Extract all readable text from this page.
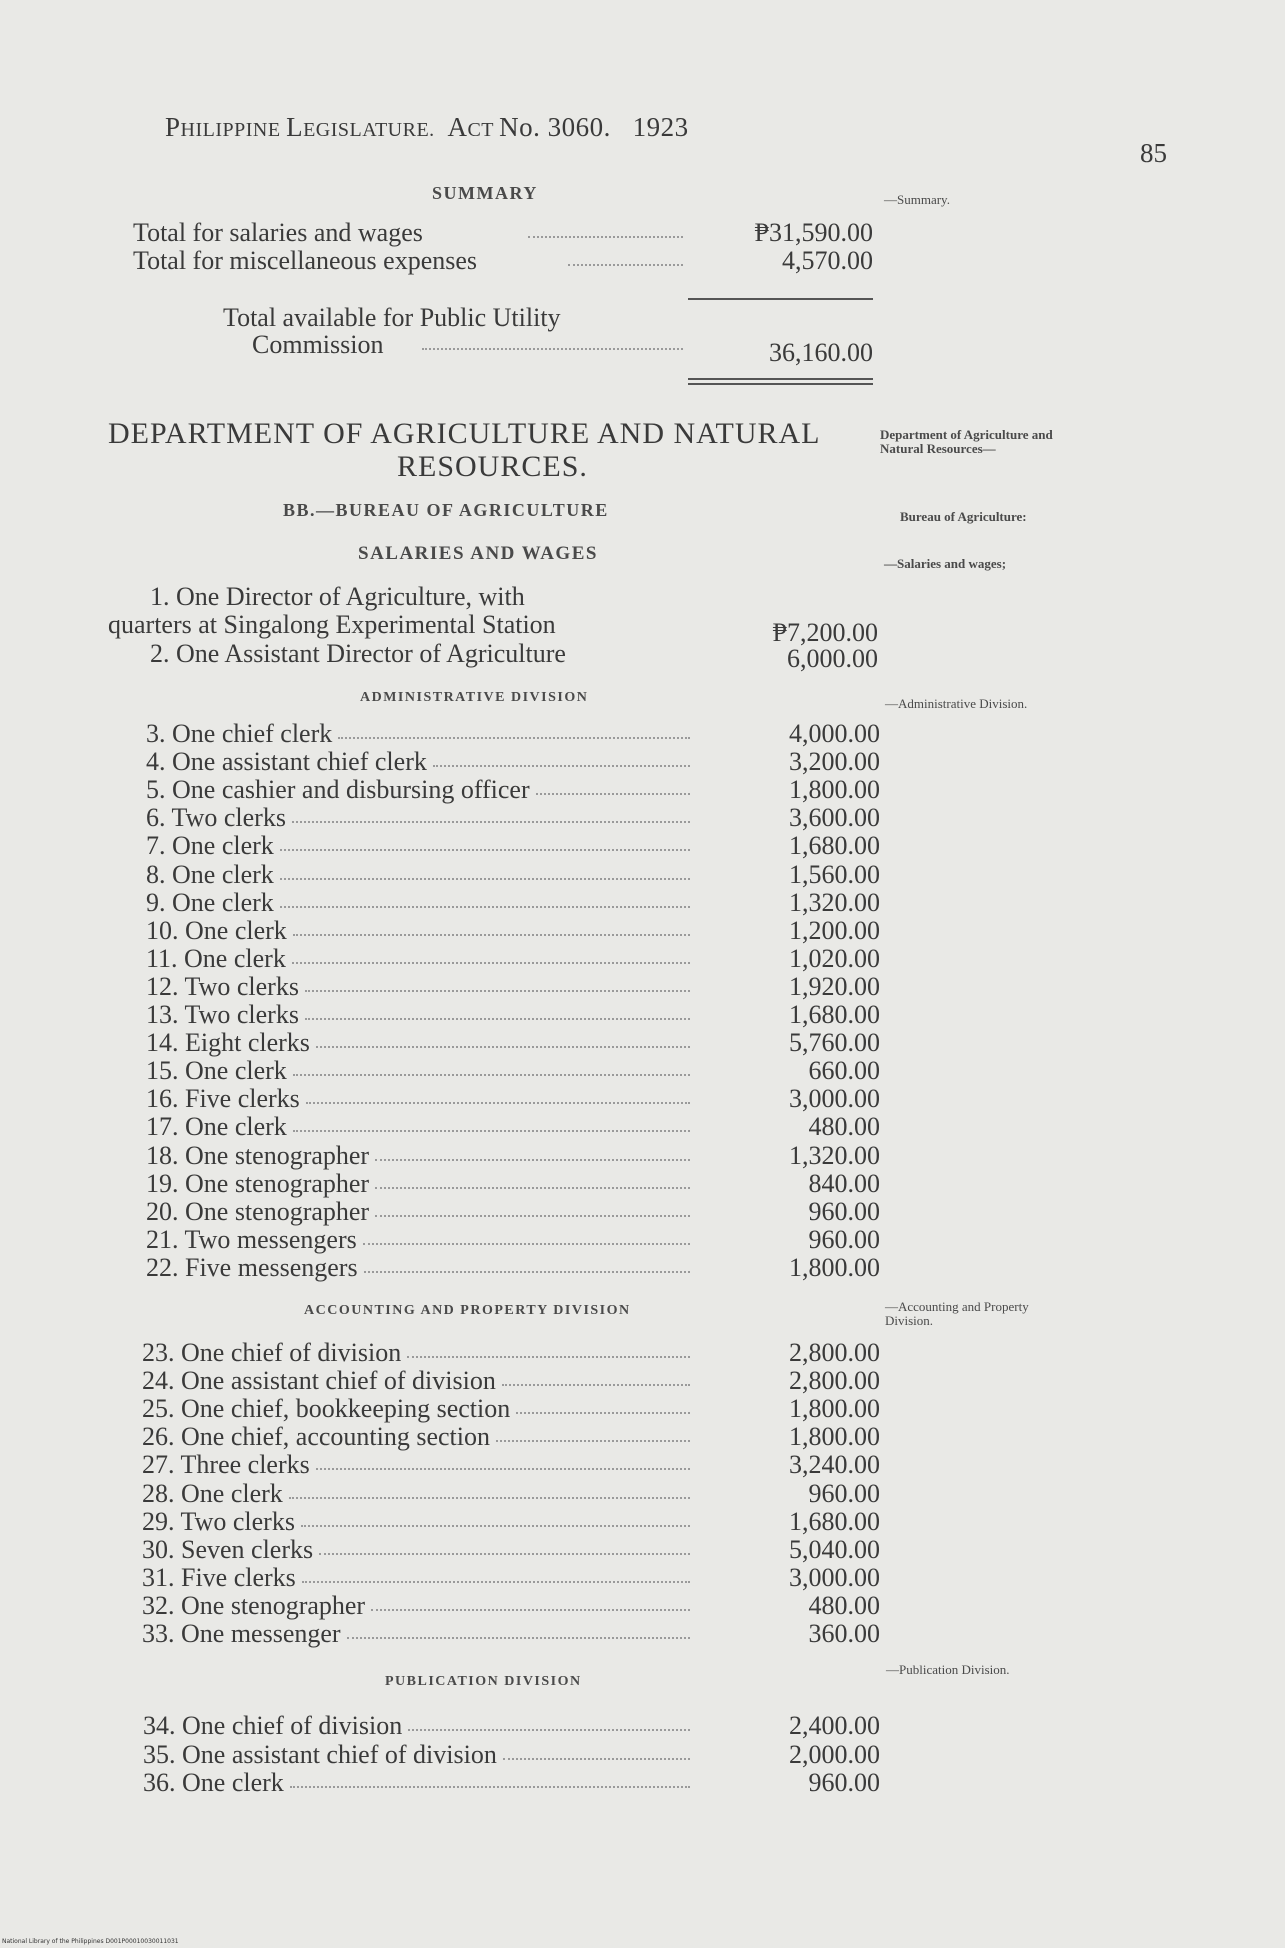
PHILIPPINE LEGISLATURE.  ACT No. 3060. 1923
85
SUMMARY	—Summary.
Total for salaries and wages	₱31,590.00
Total for miscellaneous expenses	4,570.00
Total available for Public Utility
Commission	36,160.00
DEPARTMENT OF AGRICULTURE AND NATURAL
RESOURCES.
Department of Agriculture and Natural Resources—
BB.—BUREAU OF AGRICULTURE	Bureau of Agriculture:
SALARIES AND WAGES	—Salaries and wages;
1. One Director of Agriculture, with
quarters at Singalong Experimental Station	₱7,200.00
2. One Assistant Director of Agriculture	6,000.00
ADMINISTRATIVE DIVISION	—Administrative Division.
3. One chief clerk	4,000.00
4. One assistant chief clerk	3,200.00
5. One cashier and disbursing officer	1,800.00
6. Two clerks	3,600.00
7. One clerk	1,680.00
8. One clerk	1,560.00
9. One clerk	1,320.00
10. One clerk	1,200.00
11. One clerk	1,020.00
12. Two clerks	1,920.00
13. Two clerks	1,680.00
14. Eight clerks	5,760.00
15. One clerk	660.00
16. Five clerks	3,000.00
17. One clerk	480.00
18. One stenographer	1,320.00
19. One stenographer	840.00
20. One stenographer	960.00
21. Two messengers	960.00
22. Five messengers	1,800.00
ACCOUNTING AND PROPERTY DIVISION	—Accounting and Property Division.
23. One chief of division	2,800.00
24. One assistant chief of division	2,800.00
25. One chief, bookkeeping section	1,800.00
26. One chief, accounting section	1,800.00
27. Three clerks	3,240.00
28. One clerk	960.00
29. Two clerks	1,680.00
30. Seven clerks	5,040.00
31. Five clerks	3,000.00
32. One stenographer	480.00
33. One messenger	360.00
PUBLICATION DIVISION
—Publication Division.
34. One chief of division	2,400.00
35. One assistant chief of division	2,000.00
36. One clerk	960.00
National Library of the Philippines D001P00010030011031
